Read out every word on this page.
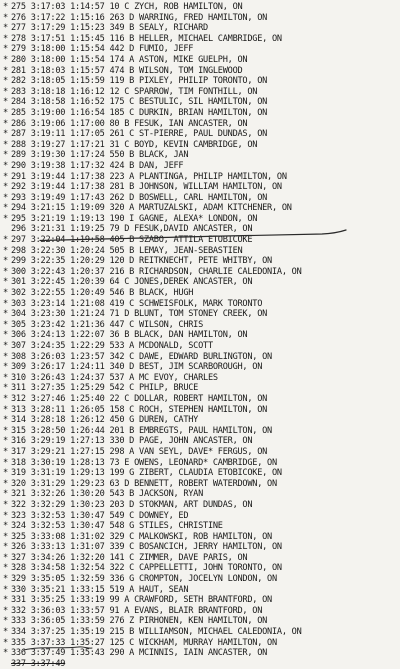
* 275 3:17:03 1:14:57 10 C ZYCH, ROB HAMILTON, ON
* 276 3:17:22 1:15:16 263 D WARRING, FRED HAMILTON, ON
* 277 3:17:29 1:15:23 349 B SEALY, RICHARD
* 278 3:17:51 1:15:45 116 B HELLER, MICHAEL CAMBRIDGE, ON
* 279 3:18:00 1:15:54 442 D FUMIO, JEFF
* 280 3:18:00 1:15:54 174 A ASTON, MIKE GUELPH, ON
* 281 3:18:03 1:15:57 474 B WILSON, TOM INGLEWOOD
* 282 3:18:05 1:15:59 119 B PIXLEY, PHILIP TORONTO, ON
* 283 3:18:18 1:16:12 12 C SPARROW, TIM FONTHILL, ON
* 284 3:18:58 1:16:52 175 C BESTULIC, SIL HAMILTON, ON
* 285 3:19:00 1:16:54 185 C DURKIN, BRIAN HAMILTON, ON
* 286 3:19:06 1:17:00 80 B FESUK, IAN ANCASTER, ON
* 287 3:19:11 1:17:05 261 C ST-PIERRE, PAUL DUNDAS, ON
* 288 3:19:27 1:17:21 31 C BOYD, KEVIN CAMBRIDGE, ON
* 289 3:19:30 1:17:24 550 B BLACK, JAN
* 290 3:19:38 1:17:32 424 B DAN, JEFF
* 291 3:19:44 1:17:38 223 A PLANTINGA, PHILIP HAMILTON, ON
* 292 3:19:44 1:17:38 281 B JOHNSON, WILLIAM HAMILTON, ON
* 293 3:19:49 1:17:43 262 D BOSWELL, CARL HAMILTON, ON
* 294 3:21:15 1:19:09 320 A MARTUZALSKI, ADAM KITCHENER, ON
* 295 3:21:19 1:19:13 190 I GAGNE, ALEXA* LONDON, ON
296 3:21:31 1:19:25 79 D FESUK,DAVID ANCASTER, ON
* 297 3:22:04 1:19:58 405 B SZABO, ATTILA ETOBICOKE
* 298 3:22:30 1:20:24 505 B LEMAY, JEAN-SEBASTIEN
* 299 3:22:35 1:20:29 120 D REITKNECHT, PETE WHITBY, ON
* 300 3:22:43 1:20:37 216 B RICHARDSON, CHARLIE CALEDONIA, ON
* 301 3:22:45 1:20:39 64 C JONES,DEREK ANCASTER, ON
* 302 3:22:55 1:20:49 546 B BLACK, HUGH
* 303 3:23:14 1:21:08 419 C SCHWEISFOLK, MARK TORONTO
* 304 3:23:30 1:21:24 71 D BLUNT, TOM STONEY CREEK, ON
* 305 3:23:42 1:21:36 447 C WILSON, CHRIS
* 306 3:24:13 1:22:07 36 B BLACK, DAN HAMILTON, ON
* 307 3:24:35 1:22:29 533 A MCDONALD, SCOTT
* 308 3:26:03 1:23:57 342 C DAWE, EDWARD BURLINGTON, ON
* 309 3:26:17 1:24:11 340 D BEST, JIM SCARBOROUGH, ON
* 310 3:26:43 1:24:37 537 A MC EVOY, CHARLES
* 311 3:27:35 1:25:29 542 C PHILP, BRUCE
* 312 3:27:46 1:25:40 22 C DOLLAR, ROBERT HAMILTON, ON
* 313 3:28:11 1:26:05 158 C ROCH, STEPHEN HAMILTON, ON
* 314 3:28:18 1:26:12 450 G DUREN, CATHY
* 315 3:28:50 1:26:44 201 B EMBREGTS, PAUL HAMILTON, ON
* 316 3:29:19 1:27:13 330 D PAGE, JOHN ANCASTER, ON
* 317 3:29:21 1:27:15 298 A VAN SEYL, DAVE* FERGUS, ON
* 318 3:30:19 1:28:13 73 E OWENS, LEONARD* CAMBRIDGE, ON
* 319 3:31:19 1:29:13 199 G ZIBERT, CLAUDIA ETOBICOKE, ON
* 320 3:31:29 1:29:23 63 D BENNETT, ROBERT WATERDOWN, ON
* 321 3:32:26 1:30:20 543 B JACKSON, RYAN
* 322 3:32:29 1:30:23 203 D STOKMAN, ART DUNDAS, ON
* 323 3:32:53 1:30:47 549 C DOWNEY, ED
* 324 3:32:53 1:30:47 548 G STILES, CHRISTINE
* 325 3:33:08 1:31:02 329 C MALKOWSKI, ROB HAMILTON, ON
* 326 3:33:13 1:31:07 339 C BOSANCICH, JERRY HAMILTON, ON
* 327 3:34:26 1:32:20 141 C ZIMMER, DAVE PARIS, ON
* 328 3:34:58 1:32:54 322 C CAPPELLETTI, JOHN TORONTO, ON
* 329 3:35:05 1:32:59 336 G CROMPTON, JOCELYN LONDON, ON
* 330 3:35:21 1:33:15 519 A HAUT, SEAN
* 331 3:35:25 1:33:19 99 A CRAWFORD, SETH BRANTFORD, ON
* 332 3:36:03 1:33:57 91 A EVANS, BLAIR BRANTFORD, ON
* 333 3:36:05 1:33:59 276 Z PIRHONEN, KEN HAMILTON, ON
* 334 3:37:25 1:35:19 215 B WILLIAMSON, MICHAEL CALEDONIA, ON
* 335 3:37:33 1:35:27 125 C WICKHAM, MURRAY HAMILTON, ON
* 336 3:37:49 1:35:43 290 A MCINNIS, IAIN ANCASTER, ON
337 3:37:49
